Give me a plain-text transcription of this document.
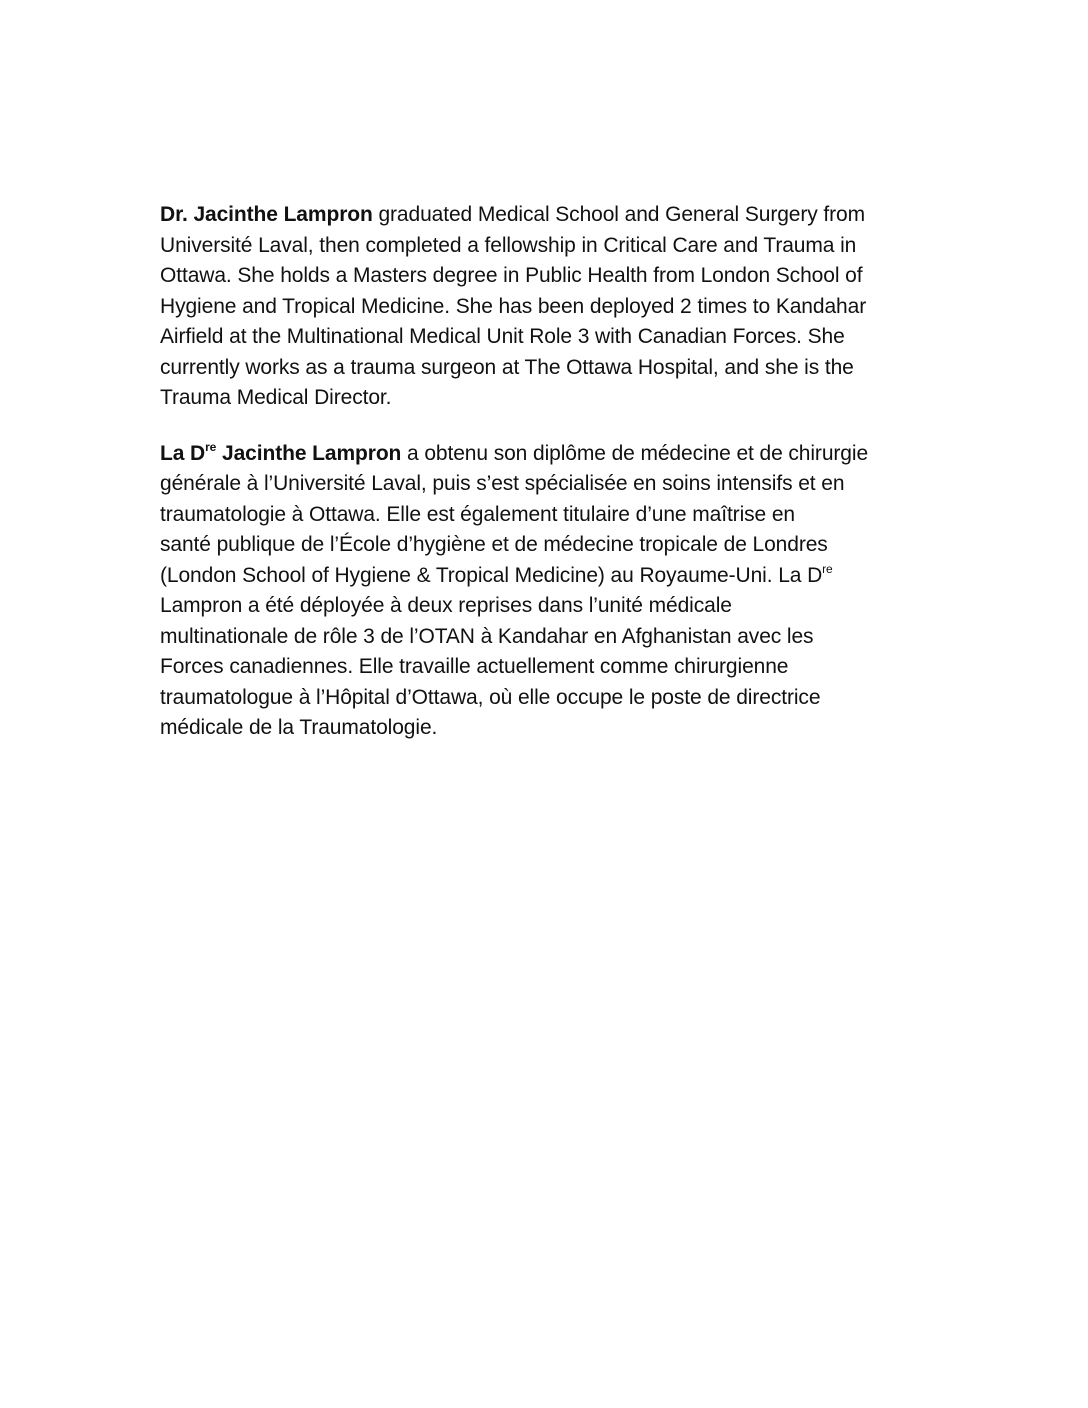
Dr. Jacinthe Lampron graduated Medical School and General Surgery from
Université Laval, then completed a fellowship in Critical Care and Trauma in
Ottawa. She holds a Masters degree in Public Health from London School of
Hygiene and Tropical Medicine. She has been deployed 2 times to Kandahar
Airfield at the Multinational Medical Unit Role 3 with Canadian Forces. She
currently works as a trauma surgeon at The Ottawa Hospital, and she is the
Trauma Medical Director.

La Dre Jacinthe Lampron a obtenu son diplôme de médecine et de chirurgie
générale à l’Université Laval, puis s’est spécialisée en soins intensifs et en
traumatologie à Ottawa. Elle est également titulaire d’une maîtrise en
santé publique de l’École d’hygiène et de médecine tropicale de Londres
(London School of Hygiene & Tropical Medicine) au Royaume-Uni. La Dre
Lampron a été déployée à deux reprises dans l’unité médicale
multinationale de rôle 3 de l’OTAN à Kandahar en Afghanistan avec les
Forces canadiennes. Elle travaille actuellement comme chirurgienne
traumatologue à l’Hôpital d’Ottawa, où elle occupe le poste de directrice
médicale de la Traumatologie.
